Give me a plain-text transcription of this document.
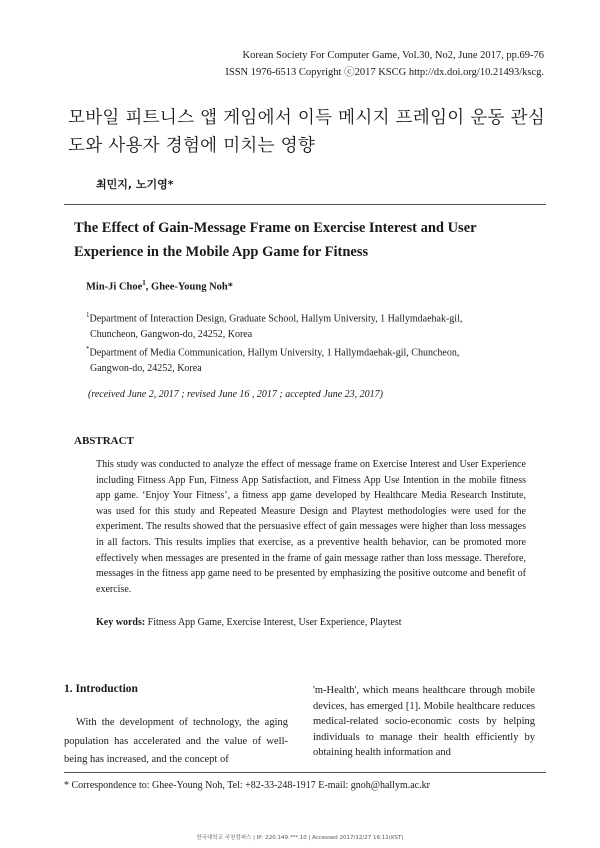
Korean Society For Computer Game, Vol.30, No2, June 2017, pp.69-76
ISSN 1976-6513 Copyright ⓒ2017 KSCG http://dx.doi.org/10.21493/kscg.
모바일 피트니스 앱 게임에서 이득 메시지 프레임이 운동 관심도와 사용자 경험에 미치는 영향
최민지, 노기영*
The Effect of Gain-Message Frame on Exercise Interest and User Experience in the Mobile App Game for Fitness
Min-Ji Choe$^1$, Ghee-Young Noh*
$^1$Department of Interaction Design, Graduate School, Hallym University, 1 Hallymdaehak-gil,
Chuncheon, Gangwon-do, 24252, Korea
*Department of Media Communication, Hallym University, 1 Hallymdaehak-gil, Chuncheon,
Gangwon-do, 24252, Korea
(received June 2, 2017 ; revised June 16 , 2017 ; accepted June 23, 2017)
ABSTRACT
This study was conducted to analyze the effect of message frame on Exercise Interest and User Experience including Fitness App Fun, Fitness App Satisfaction, and Fitness App Use Intention in the mobile fitness app game. ‘Enjoy Your Fitness’, a fitness app game developed by Healthcare Media Research Institute, was used for this study and Repeated Measure Design and Playtest methodologies were used for the experiment. The results showed that the persuasive effect of gain messages were higher than loss messages in all factors. This results implies that exercise, as a preventive health behavior, can be promoted more effectively when messages are presented in the frame of gain message rather than loss message. Therefore, messages in the fitness app game need to be presented by emphasizing the positive outcome and benefit of exercise.
Key words: Fitness App Game, Exercise Interest, User Experience, Playtest
1. Introduction
With the development of technology, the aging population has accelerated and the value of well-being has increased, and the concept of
'm-Health', which means healthcare through mobile devices, has emerged [1]. Mobile healthcare reduces medical-related socio-economic costs by helping individuals to manage their health efficiently by obtaining health information and
* Correspondence to: Ghee-Young Noh, Tel: +82-33-248-1917 E-mail: gnoh@hallym.ac.kr
한국대학교 국천컴퍼스 | IP: 220.149.***.10 | Accessed 2017/12/27 16:11(KST)
